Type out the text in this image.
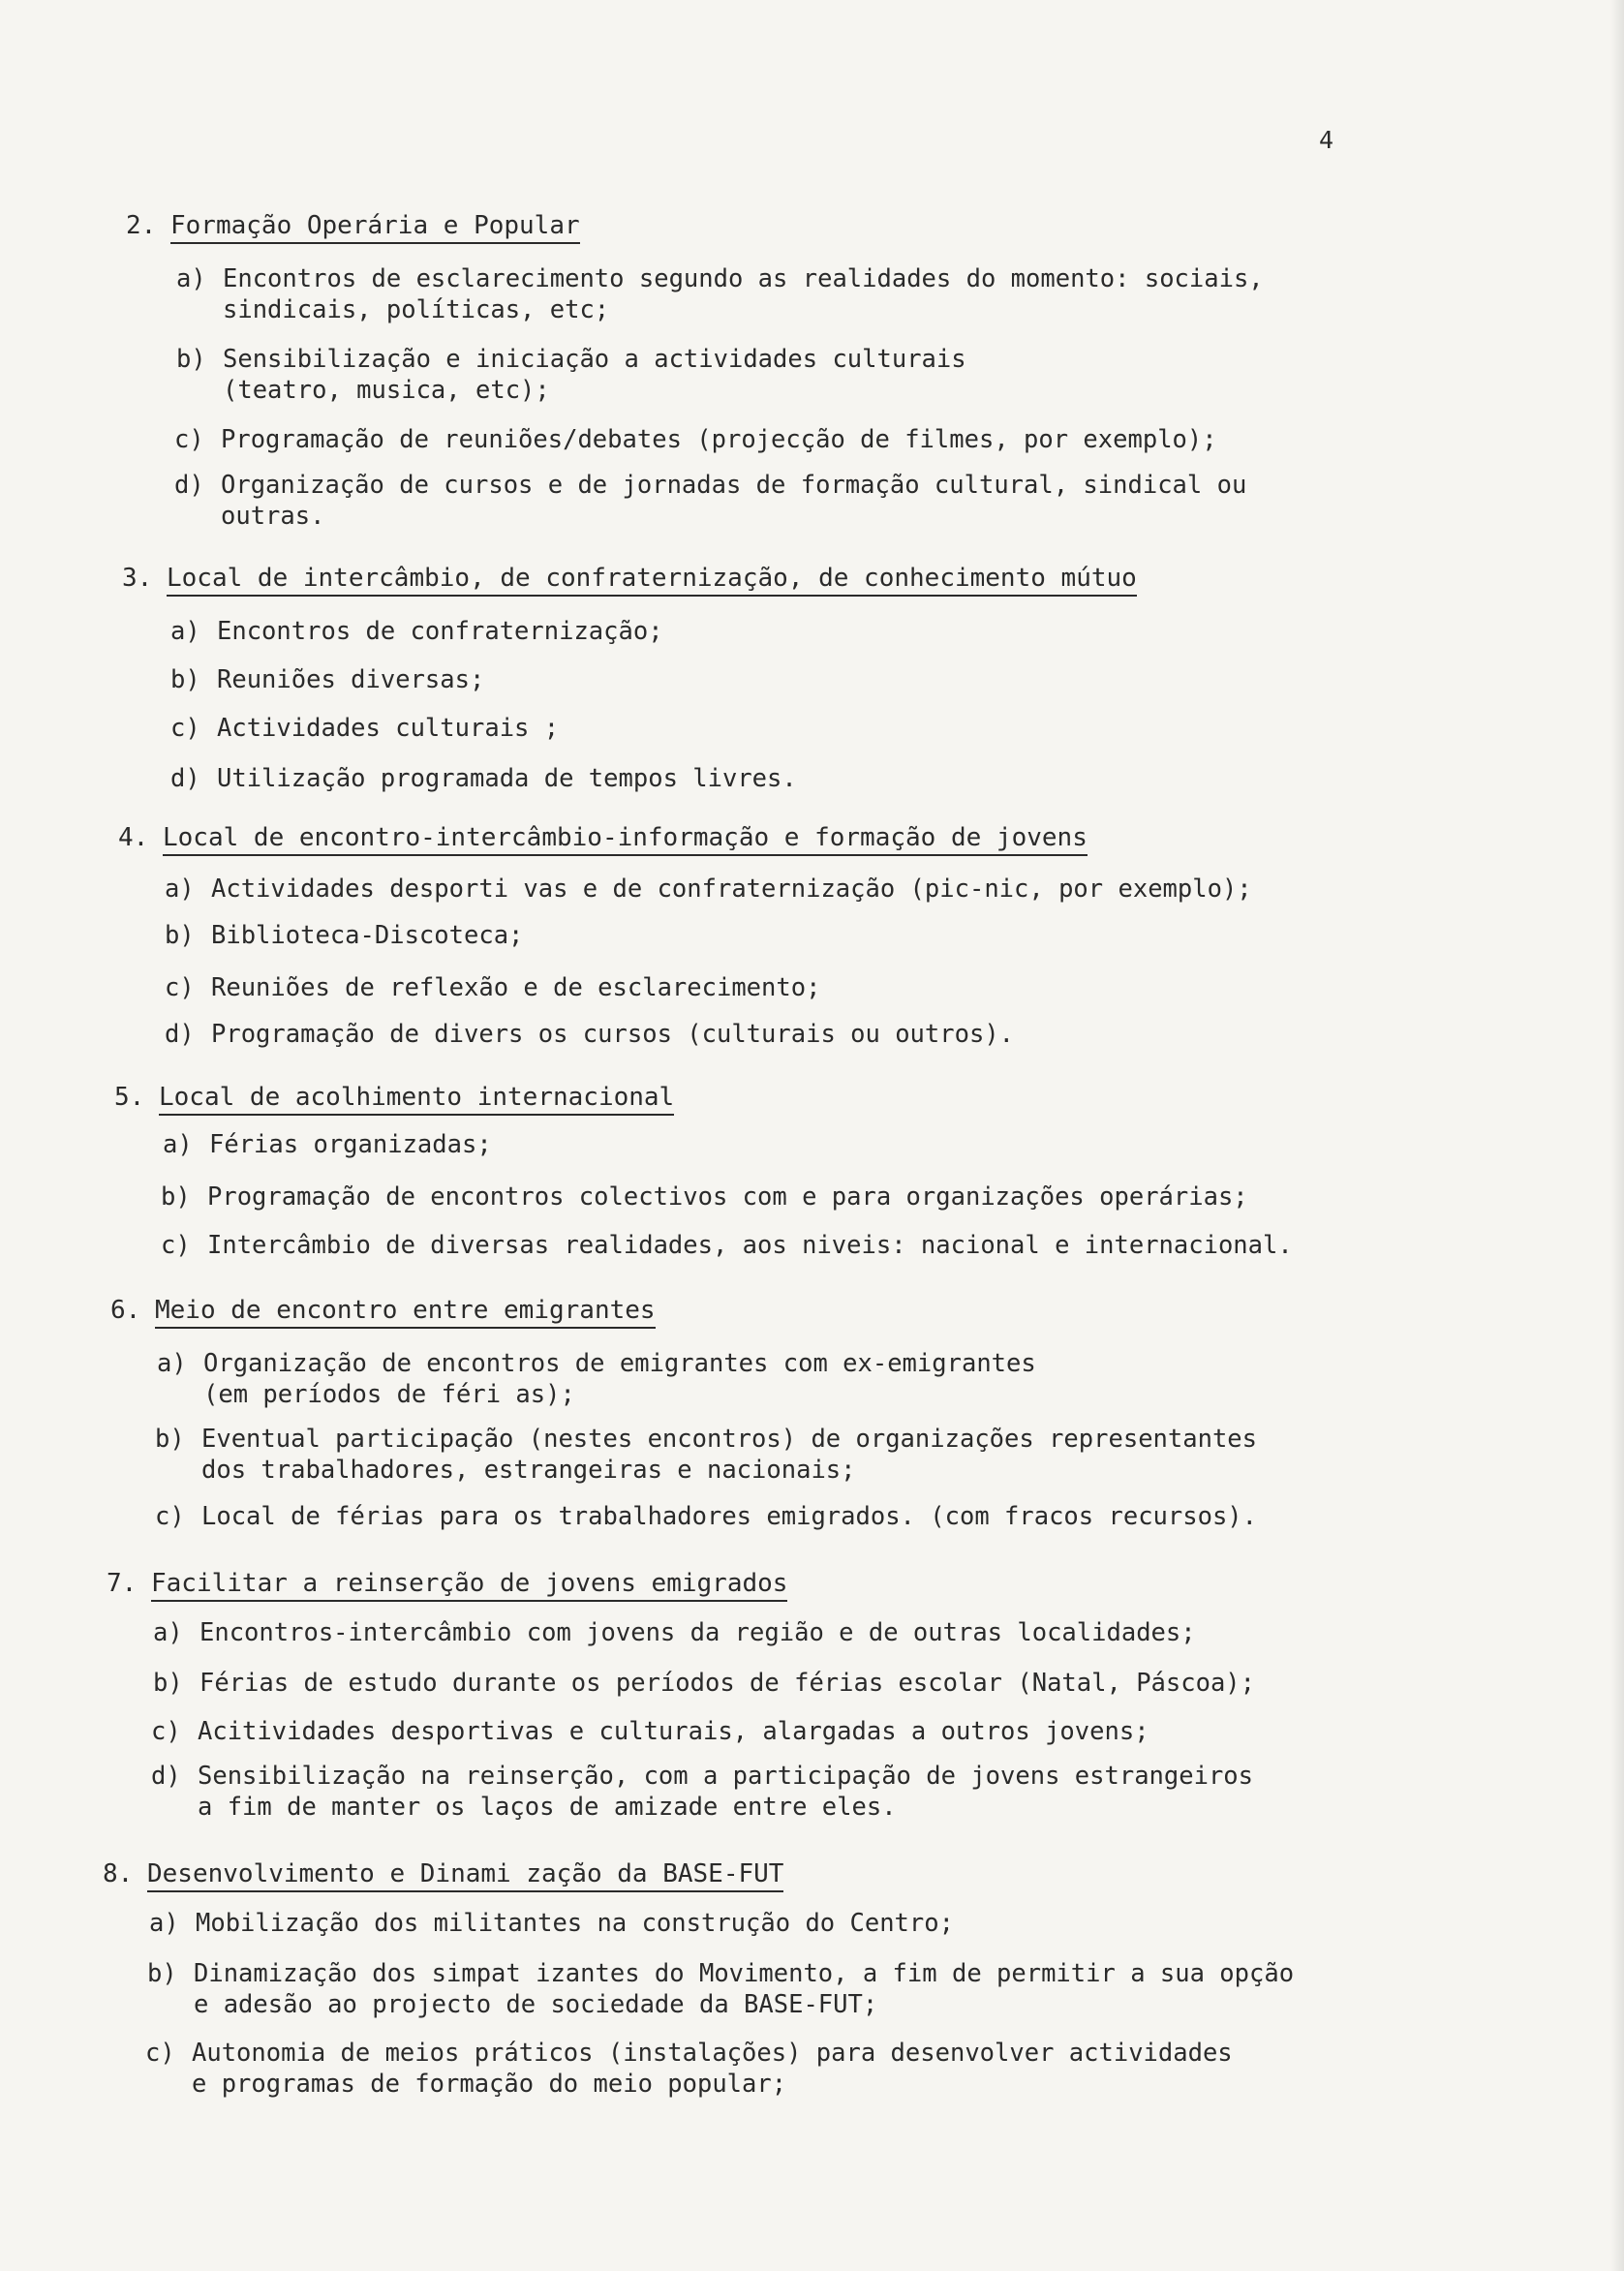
4
2. Formação Operária e Popular
a) Encontros de esclarecimento segundo as realidades do momento: sociais,
sindicais, políticas, etc;
b) Sensibilização e iniciação a actividades culturais
(teatro, musica, etc);
c) Programação de reuniões/debates (projecção de filmes, por exemplo);
d) Organização de cursos e de jornadas de formação cultural, sindical ou
outras.
3. Local de intercâmbio, de confraternização, de conhecimento mútuo
a) Encontros de confraternização;
b) Reuniões diversas;
c) Actividades culturais ;
d) Utilização programada de tempos livres.
4. Local de encontro-intercâmbio-informação e formação de jovens
a) Actividades desporti vas e de confraternização (pic-nic, por exemplo);
b) Biblioteca-Discoteca;
c) Reuniões de reflexão e de esclarecimento;
d) Programação de divers os cursos (culturais ou outros).
5. Local de acolhimento internacional
a) Férias organizadas;
b) Programação de encontros colectivos com e para organizações operárias;
c) Intercâmbio de diversas realidades, aos niveis: nacional e internacional.
6. Meio de encontro entre emigrantes
a) Organização de encontros de emigrantes com ex-emigrantes
(em períodos de féri as);
b) Eventual participação (nestes encontros) de organizações representantes
dos trabalhadores, estrangeiras e nacionais;
c) Local de férias para os trabalhadores emigrados. (com fracos recursos).
7. Facilitar a reinserção de jovens emigrados
a) Encontros-intercâmbio com jovens da região e de outras localidades;
b) Férias de estudo durante os períodos de férias escolar (Natal, Páscoa);
c) Acitividades desportivas e culturais, alargadas a outros jovens;
d) Sensibilização na reinserção, com a participação de jovens estrangeiros
a fim de manter os laços de amizade entre eles.
8. Desenvolvimento e Dinami zação da BASE-FUT
a) Mobilização dos militantes na construção do Centro;
b) Dinamização dos simpat izantes do Movimento, a fim de permitir a sua opção
e adesão ao projecto de sociedade da BASE-FUT;
c) Autonomia de meios práticos (instalações) para desenvolver actividades
e programas de formação do meio popular;
